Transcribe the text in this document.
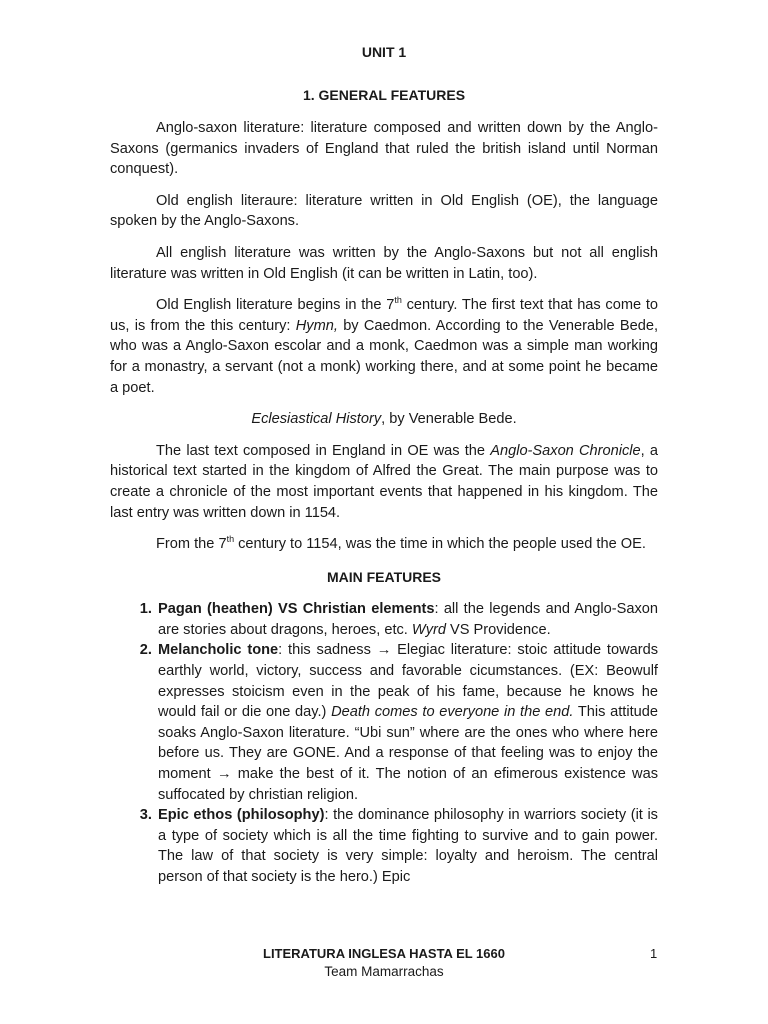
UNIT 1
1. GENERAL FEATURES

Anglo-saxon literature: literature composed and written down by the Anglo-Saxons (germanics invaders of England that ruled the british island until Norman conquest).

Old english literaure: literature written in Old English (OE), the language spoken by the Anglo-Saxons.

All english literature was written by the Anglo-Saxons but not all english literature was written in Old English (it can be written in Latin, too).

Old English literature begins in the 7th century. The first text that has come to us, is from the this century: Hymn, by Caedmon. According to the Venerable Bede, who was a Anglo-Saxon escolar and a monk, Caedmon was a simple man working for a monastry, a servant (not a monk) working there, and at some point he became a poet.

Eclesiastical History, by Venerable Bede.

The last text composed in England in OE was the Anglo-Saxon Chronicle, a historical text started in the kingdom of Alfred the Great. The main purpose was to create a chronicle of the most important events that happened in his kingdom. The last entry was written down in 1154.

From the 7th century to 1154, was the time in which the people used the OE.

MAIN FEATURES
1. Pagan (heathen) VS Christian elements: all the legends and Anglo-Saxon are stories about dragons, heroes, etc. Wyrd VS Providence.
2. Melancholic tone: this sadness → Elegiac literature: stoic attitude towards earthly world, victory, success and favorable cicumstances. (EX: Beowulf expresses stoicism even in the peak of his fame, because he knows he would fail or die one day.) Death comes to everyone in the end. This attitude soaks Anglo-Saxon literature. “Ubi sun” where are the ones who where here before us. They are GONE. And a response of that feeling was to enjoy the moment → make the best of it. The notion of an efimerous existence was suffocated by christian religion.
3. Epic ethos (philosophy): the dominance philosophy in warriors society (it is a type of society which is all the time fighting to survive and to gain power. The law of that society is very simple: loyalty and heroism. The central person of that society is the hero.) Epic
LITERATURA INGLESA HASTA EL 1660	1
Team Mamarrachas
